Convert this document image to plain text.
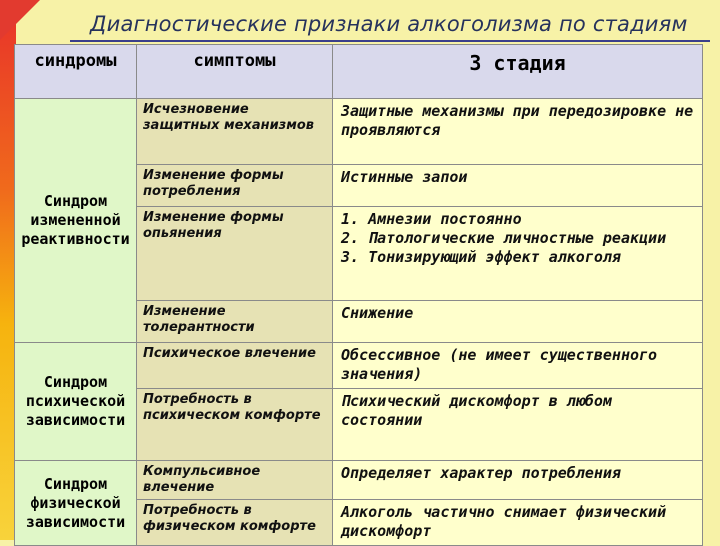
Диагностические признаки алкоголизма по стадиям
синдромы	симптомы	3 стадия
Синдром измененной реактивности	Исчезновение защитных механизмов	Защитные механизмы при передозировке не проявляются

	Изменение формы потребления	Истинные запои

	Изменение формы опьянения	1. Амнезии постоянно
2. Патологические личностные реакции
3. Тонизирующий эффект алкоголя

	Изменение толерантности	Снижение

Синдром психической зависимости	Психическое влечение	Обсессивное (не имеет существенного значения)

	Потребность в психическом комфорте	Психический дискомфорт в любом состоянии

Синдром физической зависимости	Компульсивное влечение	Определяет характер потребления

	Потребность в физическом комфорте	Алкоголь частично снимает физический дискомфорт
